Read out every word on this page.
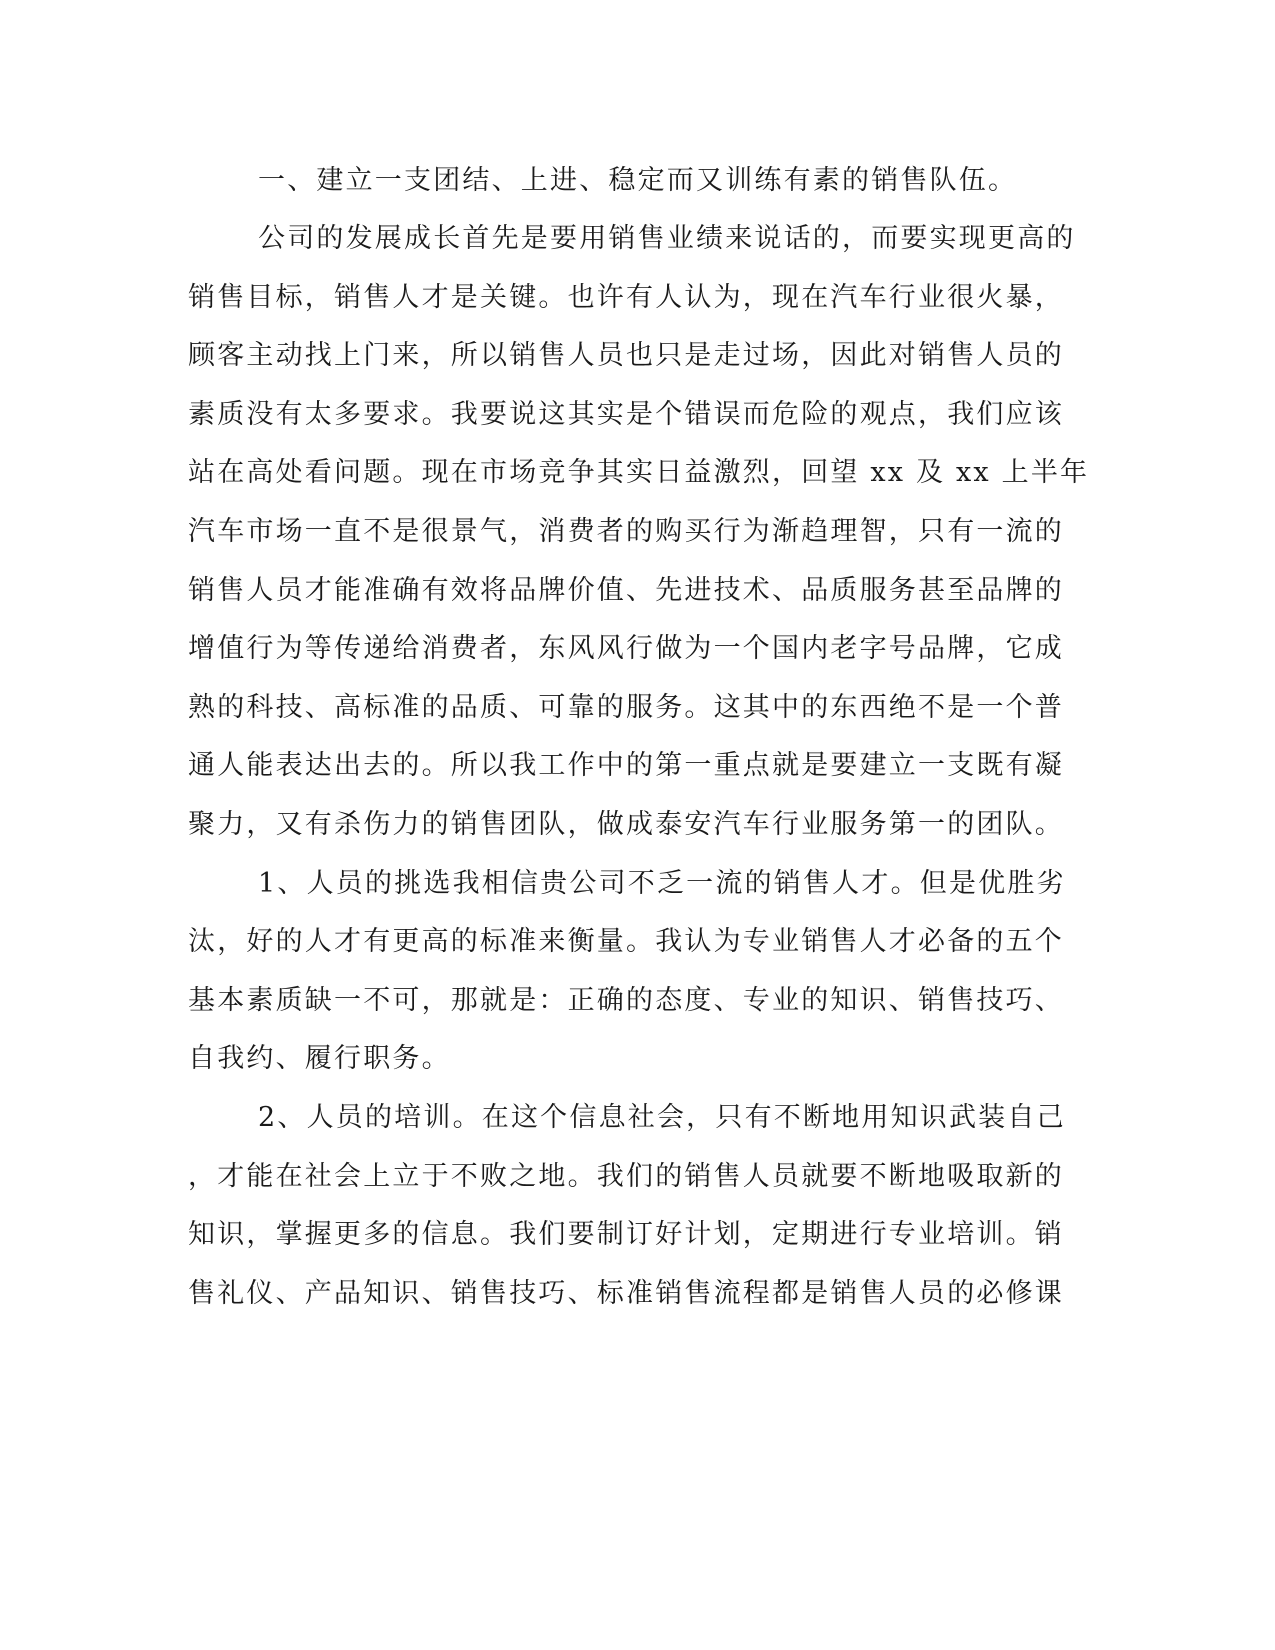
一、建立一支团结、上进、稳定而又训练有素的销售队伍。
公司的发展成长首先是要用销售业绩来说话的，而要实现更高的
销售目标，销售人才是关键。也许有人认为，现在汽车行业很火暴，
顾客主动找上门来，所以销售人员也只是走过场，因此对销售人员的
素质没有太多要求。我要说这其实是个错误而危险的观点，我们应该
站在高处看问题。现在市场竞争其实日益激烈，回望 xx 及 xx 上半年
汽车市场一直不是很景气，消费者的购买行为渐趋理智，只有一流的
销售人员才能准确有效将品牌价值、先进技术、品质服务甚至品牌的
增值行为等传递给消费者，东风风行做为一个国内老字号品牌，它成
熟的科技、高标准的品质、可靠的服务。这其中的东西绝不是一个普
通人能表达出去的。所以我工作中的第一重点就是要建立一支既有凝
聚力，又有杀伤力的销售团队，做成泰安汽车行业服务第一的团队。
1、人员的挑选我相信贵公司不乏一流的销售人才。但是优胜劣
汰，好的人才有更高的标准来衡量。我认为专业销售人才必备的五个
基本素质缺一不可，那就是：正确的态度、专业的知识、销售技巧、
自我约、履行职务。
2、人员的培训。在这个信息社会，只有不断地用知识武装自己
，才能在社会上立于不败之地。我们的销售人员就要不断地吸取新的
知识，掌握更多的信息。我们要制订好计划，定期进行专业培训。销
售礼仪、产品知识、销售技巧、标准销售流程都是销售人员的必修课
